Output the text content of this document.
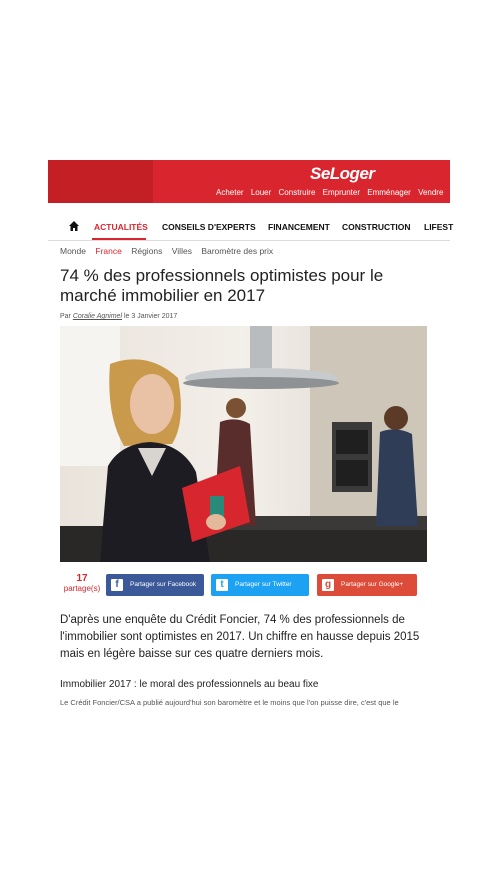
SeLoger
Acheter Louer Construire Emprunter Emménager Vendre
ACTUALITÉS CONSEILS D'EXPERTS FINANCEMENT CONSTRUCTION LIFEST
Monde France Régions Villes Baromètre des prix
74 % des professionnels optimistes pour le marché immobilier en 2017
Par Coralie Agnimel le 3 Janvier 2017
17
partage(s)	f	Partager sur Facebook	t	Partager sur Twitter	g	Partager sur Google+

D'après une enquête du Crédit Foncier, 74 % des professionnels de l'immobilier sont optimistes en 2017. Un chiffre en hausse depuis 2015 mais en légère baisse sur ces quatre derniers mois.

Immobilier 2017 : le moral des professionnels au beau fixe

Le Crédit Foncier/CSA a publié aujourd'hui son baromètre et le moins que l'on puisse dire, c'est que le
